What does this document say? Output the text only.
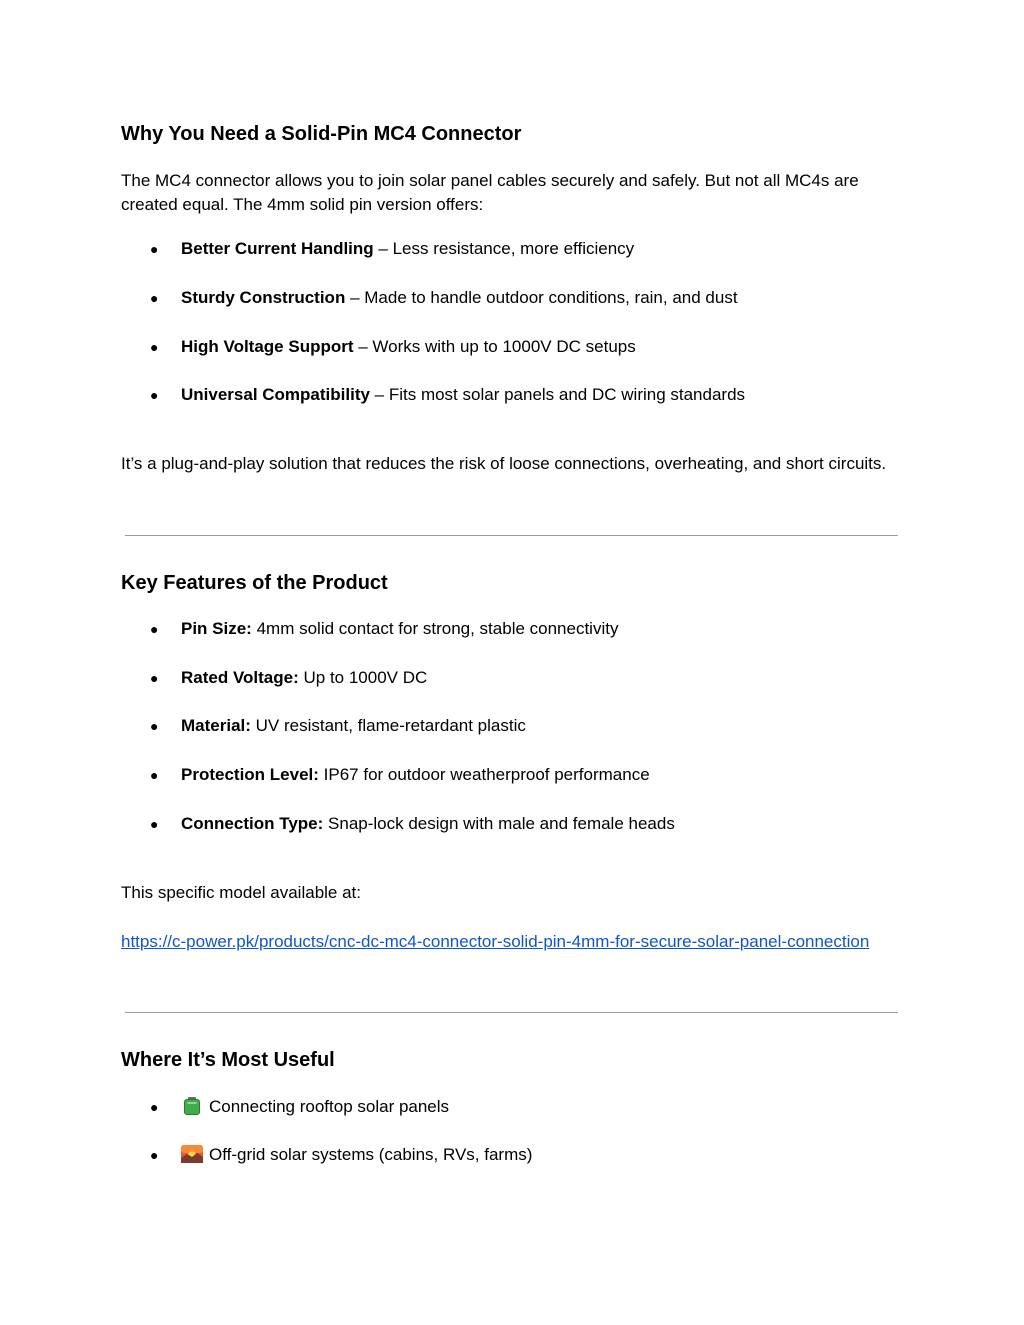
Why You Need a Solid-Pin MC4 Connector

The MC4 connector allows you to join solar panel cables securely and safely. But not all MC4s are created equal. The 4mm solid pin version offers:

● Better Current Handling – Less resistance, more efficiency
● Sturdy Construction – Made to handle outdoor conditions, rain, and dust
● High Voltage Support – Works with up to 1000V DC setups
● Universal Compatibility – Fits most solar panels and DC wiring standards

It’s a plug-and-play solution that reduces the risk of loose connections, overheating, and short circuits.

Key Features of the Product
● Pin Size: 4mm solid contact for strong, stable connectivity
● Rated Voltage: Up to 1000V DC
● Material: UV resistant, flame-retardant plastic
● Protection Level: IP67 for outdoor weatherproof performance
● Connection Type: Snap-lock design with male and female heads

This specific model available at:

https://c-power.pk/products/cnc-dc-mc4-connector-solid-pin-4mm-for-secure-solar-panel-connection
Where It’s Most Useful
●	Connecting rooftop solar panels
●	Off-grid solar systems (cabins, RVs, farms)
